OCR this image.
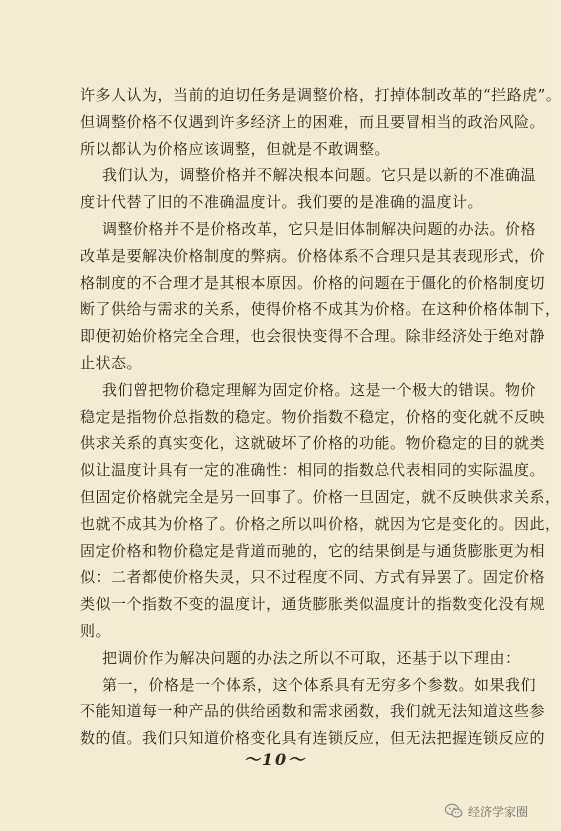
许多人认为，当前的迫切任务是调整价格，打掉体制改革的“拦路虎”。
但调整价格不仅遇到许多经济上的困难，而且要冒相当的政治风险。
所以都认为价格应该调整，但就是不敢调整。
我们认为，调整价格并不解决根本问题。它只是以新的不准确温
度计代替了旧的不准确温度计。我们要的是准确的温度计。
调整价格并不是价格改革，它只是旧体制解决问题的办法。价格
改革是要解决价格制度的弊病。价格体系不合理只是其表现形式，价
格制度的不合理才是其根本原因。价格的问题在于僵化的价格制度切
断了供给与需求的关系，使得价格不成其为价格。在这种价格体制下，
即便初始价格完全合理，也会很快变得不合理。除非经济处于绝对静
止状态。
我们曾把物价稳定理解为固定价格。这是一个极大的错误。物价
稳定是指物价总指数的稳定。物价指数不稳定，价格的变化就不反映
供求关系的真实变化，这就破坏了价格的功能。物价稳定的目的就类
似让温度计具有一定的准确性：相同的指数总代表相同的实际温度。
但固定价格就完全是另一回事了。价格一旦固定，就不反映供求关系，
也就不成其为价格了。价格之所以叫价格，就因为它是变化的。因此，
固定价格和物价稳定是背道而驰的，它的结果倒是与通货膨胀更为相
似：二者都使价格失灵，只不过程度不同、方式有异罢了。固定价格
类似一个指数不变的温度计，通货膨胀类似温度计的指数变化没有规
则。
把调价作为解决问题的办法之所以不可取，还基于以下理由：
第一，价格是一个体系，这个体系具有无穷多个参数。如果我们
不能知道每一种产品的供给函数和需求函数，我们就无法知道这些参
数的值。我们只知道价格变化具有连锁反应，但无法把握连锁反应的
～10～
经济学家圈
